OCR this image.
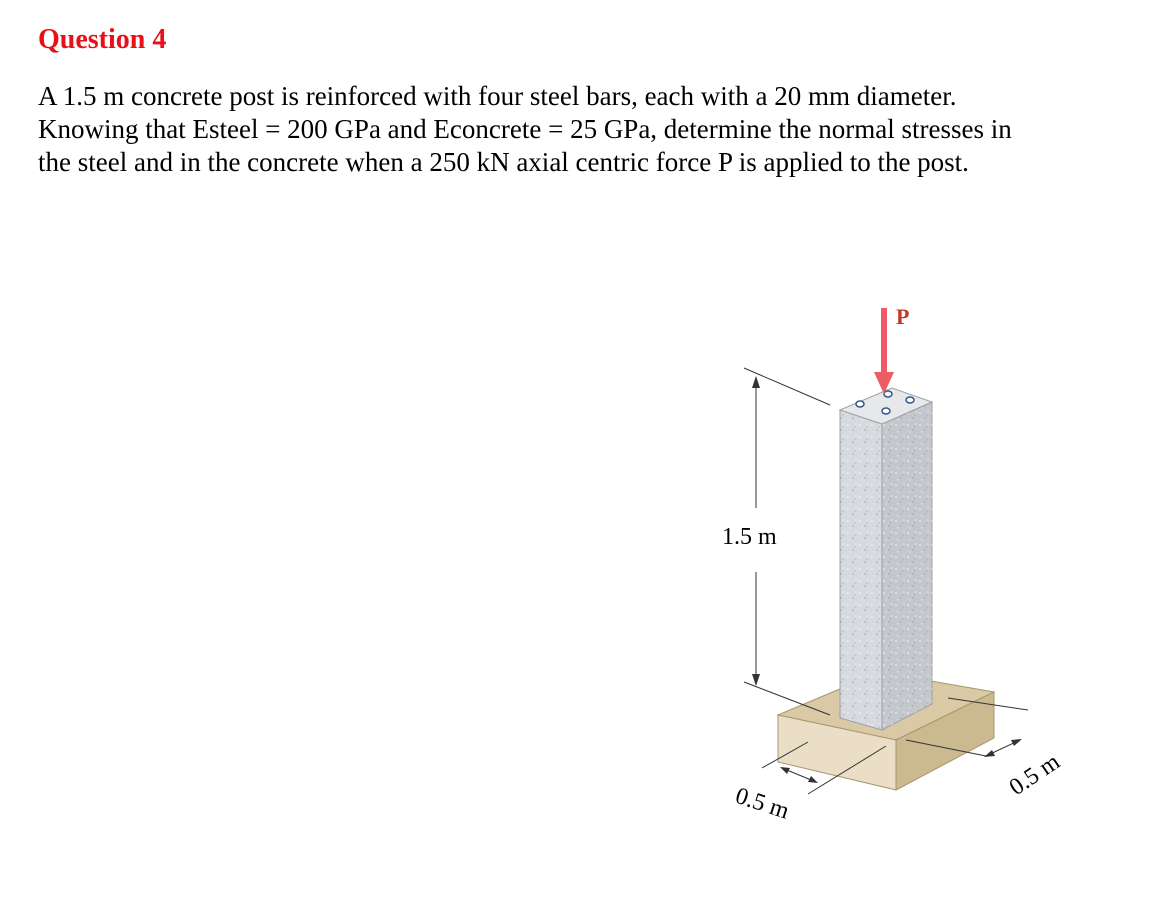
Question 4

A 1.5 m concrete post is reinforced with four steel bars, each with a 20 mm diameter.
Knowing that Esteel = 200 GPa and Econcrete = 25 GPa, determine the normal stresses in
the steel and in the concrete when a 250 kN axial centric force P is applied to the post.

P
1.5 m
0.5 m
0.5 m
